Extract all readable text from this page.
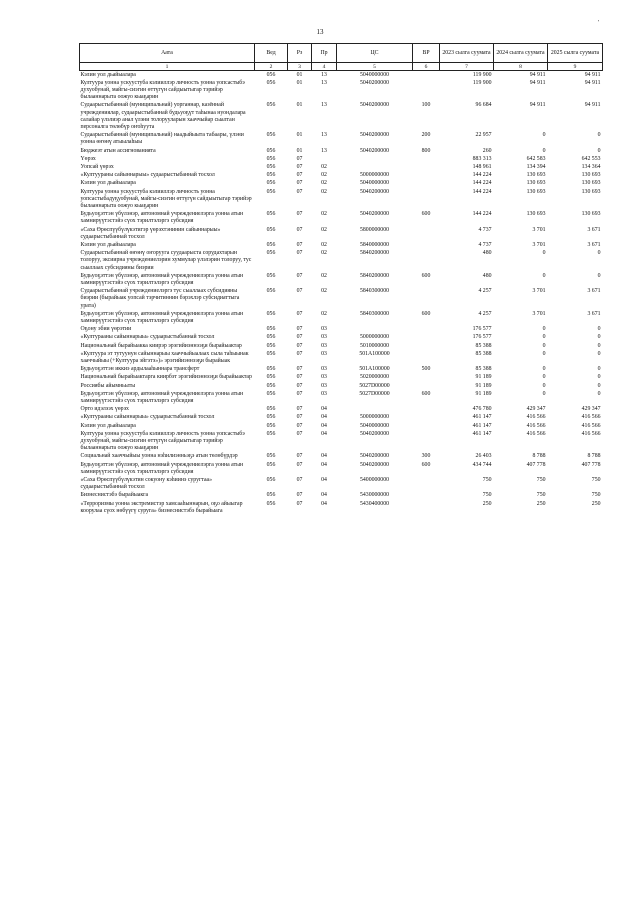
'
13
Аата	Вед	Рз	Пр	ЦС	ВР	2023 сылга суумата	2024 сылга суумата	2025 сылга суумата
1	2	3	4	5	6	7	8	9
Кэлин уол дьайыалара	056	01	13	5040000000		119 900	94 911	94 911
Култуура уонна ускуустуба кэлииллэр личность уонна уопсастыбэ духуобунай, майгы-сиэгин өттүгүн сайдыытыгар тэрийэр былааннарыта оожуо кыаҕарин	056	01	13	5040200000		119 900	94 911	94 911
Судаарыстыбаннай (муниципальнай) уорганнар, казённай учреждениялар, судаарыстыбаннай будьуоҕүт таһынаа нуондалара салайар үлэлиэр анал үлэни толорууларын хааччыйар сыалтан персоналга төлөбүр оҥоһуута	056	01	13	5040200000	100	96 684	94 911	94 911
Судаарыстыбаннай (муниципальнай) наадыйыыта табаары, үлэни уонна өҥөнү атыылаһыы	056	01	13	5040200000	200	22 957	0	0
Бюджеэт атын ассигнованията	056	01	13	5040200000	800	260	0	0
Үөрэх	056	07				883 313	642 583	642 553
Уопсай үөрэх	056	07	02			148 961	134 394	134 364
«Култуураны сайыннарыы» судаарыстыбаннай тосхол	056	07	02	5000000000		144 224	130 693	130 693
Кэлин уол дьайыалара	056	07	02	5040000000		144 224	130 693	130 693
Култуура уонна ускуустуба кэлииллэр личность уонна уопсастыбадуҕуобунай, майгы-сиэгин өттүгүн сайдыытыгар тэрийэр былааннарыта оожуо кыаҕарин	056	07	02	5040200000		144 224	130 693	130 693
Будьуоҕэттэн үбүлэнэр, автономнай учреждениелэрга уонна атын хамнирүүтэстэйэ сүох тэрилтэлэргэ субсидия	056	07	02	5040200000	600	144 224	130 693	130 693
«Саха Өрөспүүбүлүкэтигэр үөрэхтэнинин сайыннарыы» судаарыстыбаннай тосхол	056	07	02	5800000000		4 737	3 701	3 671
Кэлин уол дьайыалара	056	07	02	5840000000		4 737	3 701	3 671
Судаарыстыбаннай өҥөнү оҥорууга суудаарыста сорудахтарын толоруу, эксиирна учреждениелэрин хуммулар үлэлэрин толоруу, тус сыаллаах субсидияны биэрии	056	07	02	5840200000		480	0	0
Будьуоҕэттэн үбүлэнэр, автономнай учреждениелэрга уонна атын хамнирүүтэстэйэ сүох тэрилтэлэргэ субсидия	056	07	02	5840200000	600	480	0	0
Судаарыстыбаннай учреждениелэргэ тус сыаллаах субсидияны биэрии (бырайыак уопсай тэрчитиннин бэрэхлэр субсидиаттыга урата)	056	07	02	5840300000		4 257	3 701	3 671
Будьуоҕэттэн үбүлэнэр, автономнай учреждениелэрга уонна атын хамнирүүтэстэйэ сүох тэрилтэлэргэ субсидия	056	07	02	5840300000	600	4 257	3 701	3 671
Оҕону эбии үөрэтии	056	07	03			176 577	0	0
«Културааны сайыннарыы» судаарыстыбаннай тосхол	056	07	03	5000000000		176 577	0	0
Национальнай бырайыакка киирэр эрэгийиэннээҕи бырайыактар	056	07	03	5010000000		85 388	0	0
«Култуура эт тутуунун сайыннарыы хааччыйыалаах сыла таһыынак хааччыйыы (+Култуура эйгэтэ»)» эрэгийиэннээҕи бырайыак	056	07	03	501A100000		85 388	0	0
Будьуоҕэттэн иккиэ ардылааһыннара трансферт	056	07	03	501A100000	500	85 388	0	0
Национальнай бырайыактарга киирбэт эрэгийиэннээҕи бырайыактар	056	07	03	5020000000		91 189	0	0
Россиябы айымньыты	056	07	03	5027D00000		91 189	0	0
Будьуоҕэттэн үбүлэнэр, автономнай учреждениелэрга уонна атын хамнирүүтэстэйэ сүох тэрилтэлэргэ субсидия	056	07	03	5027D00000	600	91 189	0	0
Орто идэлээх үөрэх	056	07	04			476 780	429 347	429 347
«Културааны сайыннарыы» судаарыстыбаннай тосхол	056	07	04	5000000000		461 147	416 566	416 566
Кэлин уол дьайыалара	056	07	04	5040000000		461 147	416 566	416 566
Култуура уонна ускуустуба кэлииллэр личность уонна уопсастыбэ духуобунай, майгы-сиэгин өттүгүн сайдыытыгар тэрийэр былааннарыта оожуо кыаҕарин	056	07	04	5040200000		461 147	416 566	416 566
Социальнай хааччыйыы уонна нэһилиэнньэҕэ атын төлөбүрдэр	056	07	04	5040200000	300	26 403	8 788	8 788
Будьуоҕэттэн үбүлэнэр, автономнай учреждениелэрга уонна атын хамнирүүтэстэйэ сүох тэрилтэлэргэ субсидия	056	07	04	5040200000	600	434 744	407 778	407 778
«Саха Өрөспүүбүлүкэтин сокуону кэһиинэ суругтаа» судаарыстыбаннай тосхол	056	07	04	5400000000		750	750	750
Бизнеснистэбэ бырайыакга	056	07	04	5430000000		750	750	750
«Терроризмы уонна экстремистэр хамсааһыннарын, оҕо айыыгар коорулаа сүох нөбүүгү суруга» бизнеснистэбэ бырайыага	056	07	04	5430400000		250	250	250
